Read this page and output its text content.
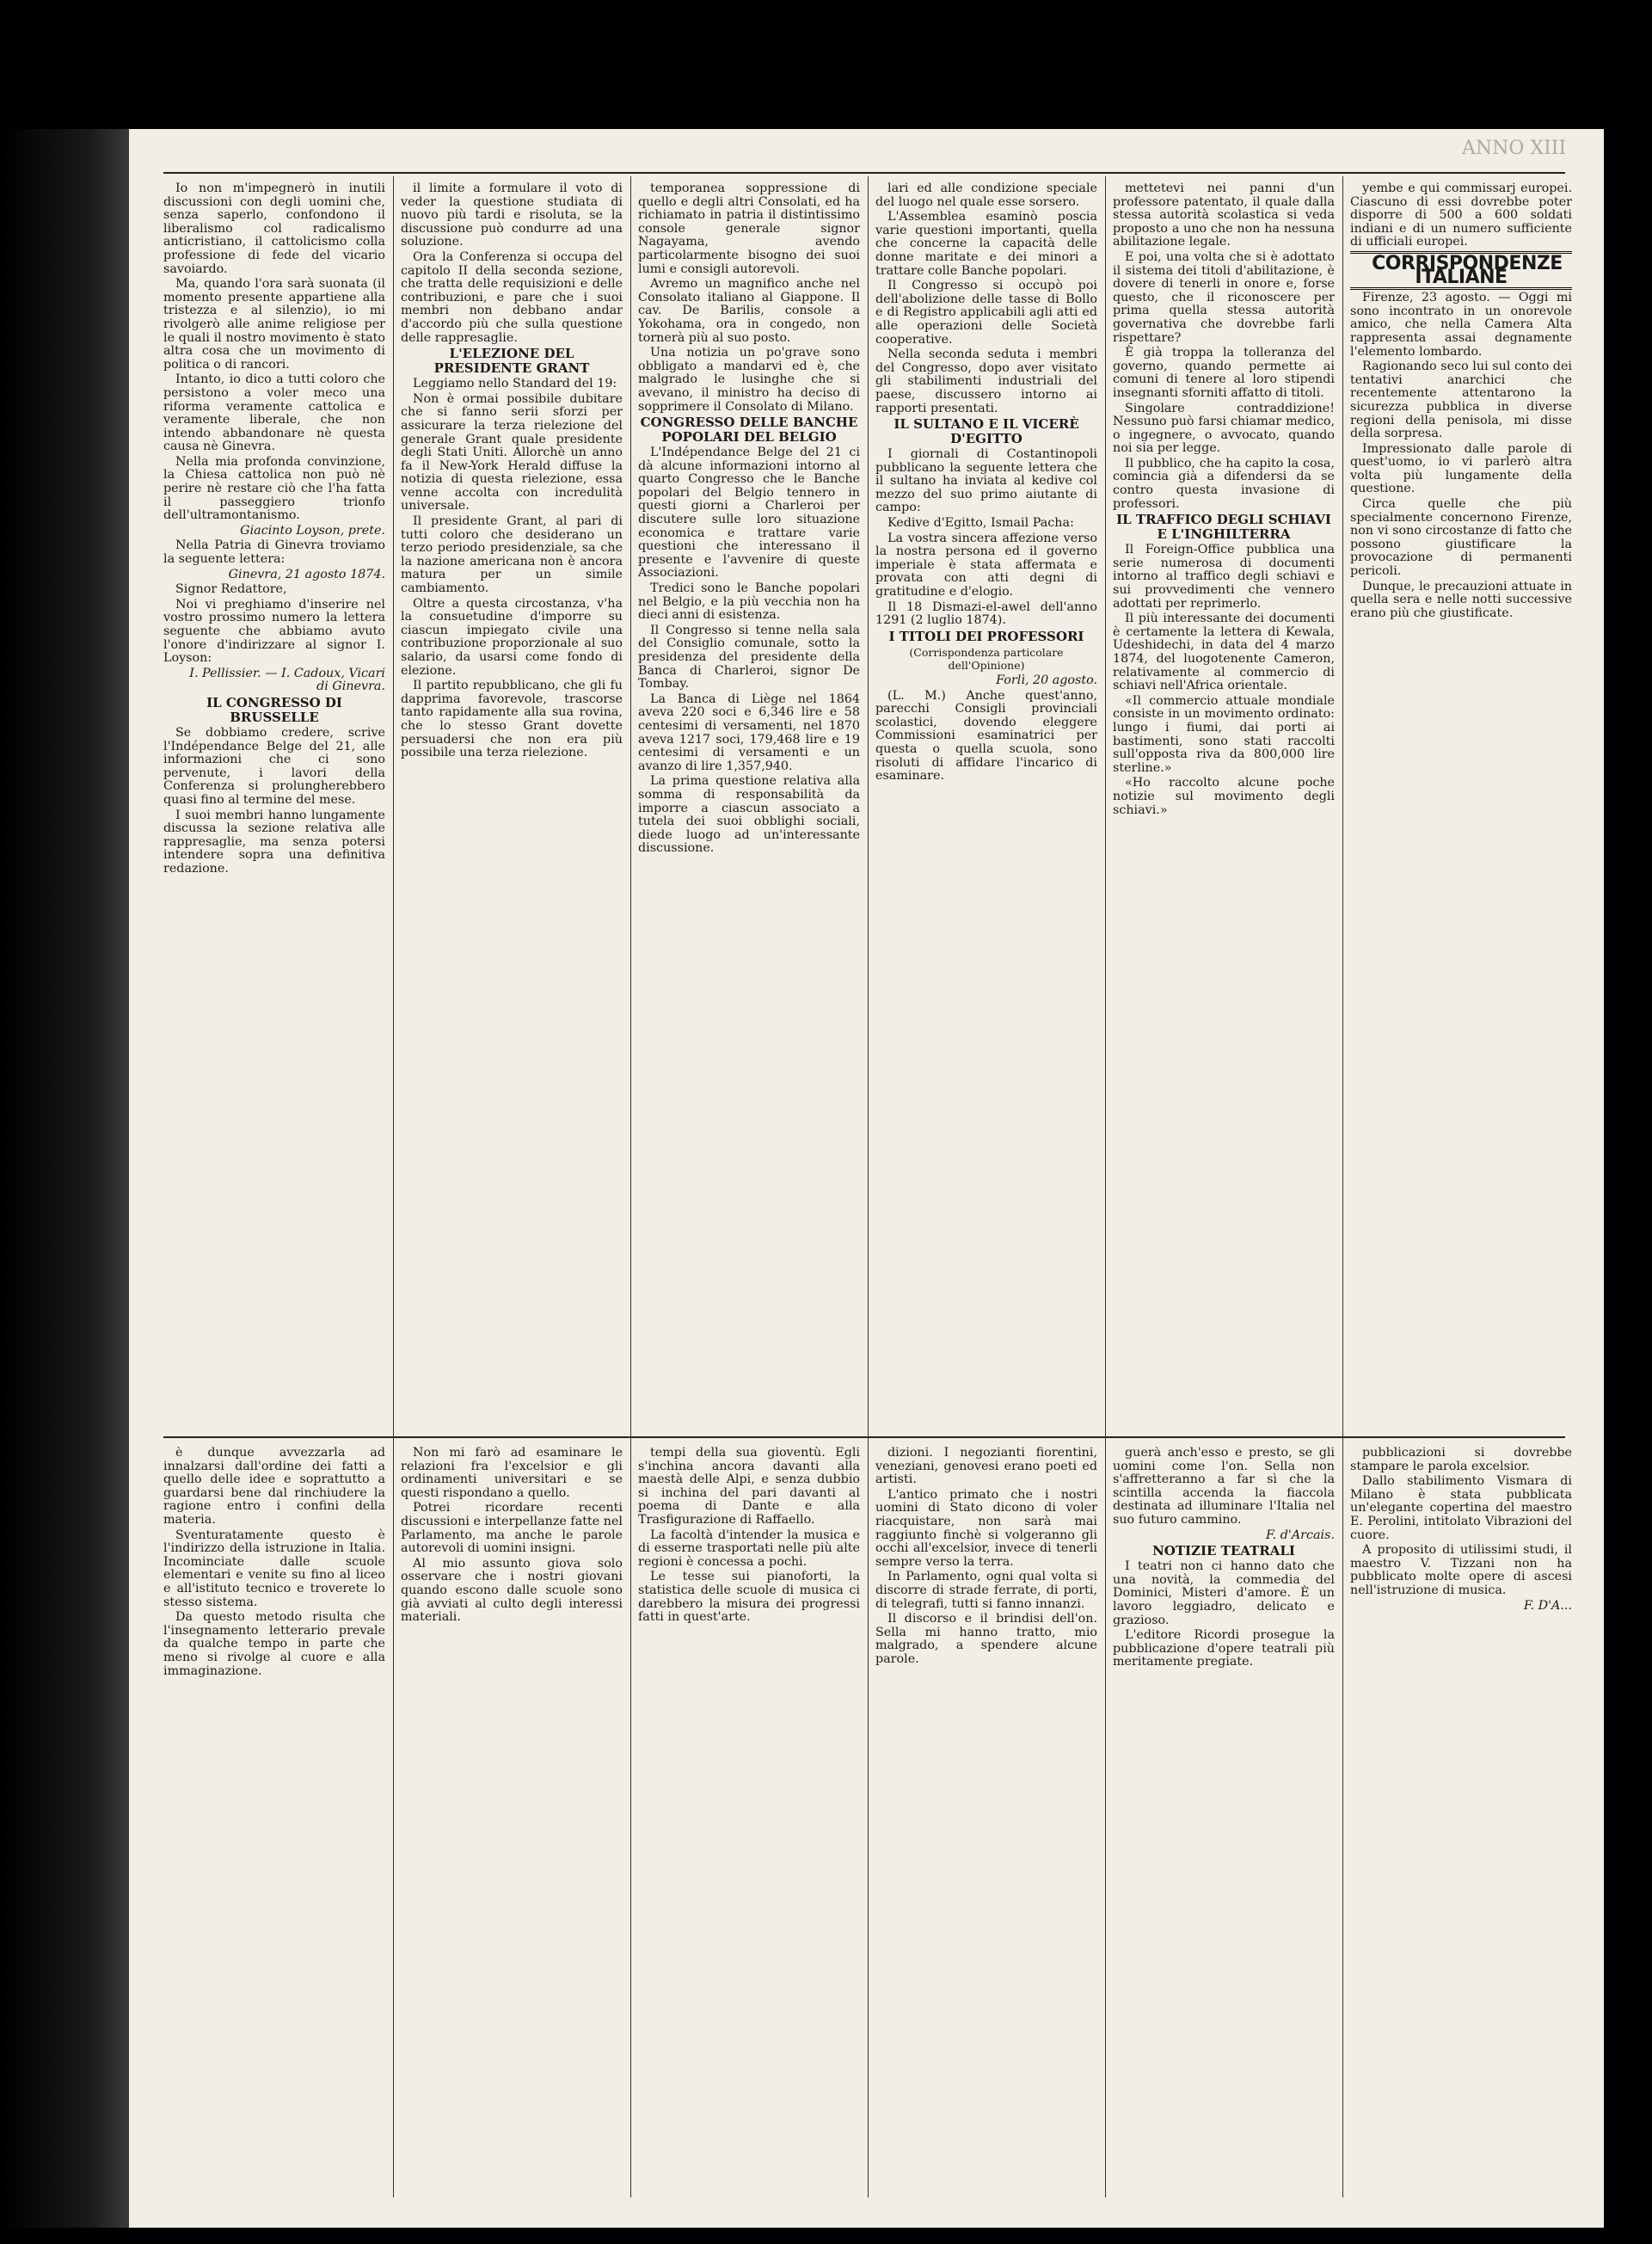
Io non m'impegnerò in inutili discussioni con degli uomini che, senza saperlo, confondono il liberalismo col radicalismo anticristiano, il cattolicismo colla professione di fede del vicario savoiardo.

Ma, quando l'ora sarà suonata (il momento presente appartiene alla tristezza e al silenzio), io mi rivolgerò alle anime religiose per le quali il nostro movimento è stato altra cosa che un movimento di politica o di rancori.

Intanto, io dico a tutti coloro che persistono a voler meco una riforma veramente cattolica e veramente liberale, che non intendo abbandonare nè questa causa nè Ginevra.

Nella mia profonda convinzione, la Chiesa cattolica non può nè perire nè restare ciò che l'ha fatta il passeggiero trionfo dell'ultramontanismo.

Giacinto Loyson, prete.

Nella Patria di Ginevra troviamo la seguente lettera:

Ginevra, 21 agosto 1874.

Signor Redattore,

Noi vi preghiamo d'inserire nel vostro prossimo numero la lettera seguente che abbiamo avuto l'onore d'indirizzare al signor I. Loyson:

I. Pellissier. — I. Cadoux, Vicari di Ginevra.

IL CONGRESSO DI BRUSSELLE

Se dobbiamo credere, scrive l'Indépendance Belge del 21, alle informazioni che ci sono pervenute, i lavori della Conferenza si prolungherebbero quasi fino al termine del mese.

I suoi membri hanno lungamente discussa la sezione relativa alle rappresaglie, ma senza potersi intendere sopra una definitiva redazione.

il limite a formulare il voto di veder la questione studiata di nuovo più tardi e risoluta, se la discussione può condurre ad una soluzione.

Ora la Conferenza si occupa del capitolo II della seconda sezione, che tratta delle requisizioni e delle contribuzioni, e pare che i suoi membri non debbano andar d'accordo più che sulla questione delle rappresaglie.

L'ELEZIONE DEL PRESIDENTE GRANT

Leggiamo nello Standard del 19:

Non è ormai possibile dubitare che si fanno serii sforzi per assicurare la terza rielezione del generale Grant quale presidente degli Stati Uniti. Allorchè un anno fa il New-York Herald diffuse la notizia di questa rielezione, essa venne accolta con incredulità universale.

Il presidente Grant, al pari di tutti coloro che desiderano un terzo periodo presidenziale, sa che la nazione americana non è ancora matura per un simile cambiamento.

Oltre a questa circostanza, v'ha la consuetudine d'imporre su ciascun impiegato civile una contribuzione proporzionale al suo salario, da usarsi come fondo di elezione.

Il partito repubblicano, che gli fu dapprima favorevole, trascorse tanto rapidamente alla sua rovina, che lo stesso Grant dovette persuadersi che non era più possibile una terza rielezione.

temporanea soppressione di quello e degli altri Consolati, ed ha richiamato in patria il distintissimo console generale signor Nagayama, avendo particolarmente bisogno dei suoi lumi e consigli autorevoli.

Avremo un magnifico anche nel Consolato italiano al Giappone. Il cav. De Barilis, console a Yokohama, ora in congedo, non tornerà più al suo posto.

Una notizia un po'grave sono obbligato a mandarvi ed è, che malgrado le lusinghe che si avevano, il ministro ha deciso di sopprimere il Consolato di Milano.

CONGRESSO DELLE BANCHE POPOLARI DEL BELGIO

L'Indépendance Belge del 21 ci dà alcune informazioni intorno al quarto Congresso che le Banche popolari del Belgio tennero in questi giorni a Charleroi per discutere sulle loro situazione economica e trattare varie questioni che interessano il presente e l'avvenire di queste Associazioni.

Tredici sono le Banche popolari nel Belgio, e la più vecchia non ha dieci anni di esistenza.

Il Congresso si tenne nella sala del Consiglio comunale, sotto la presidenza del presidente della Banca di Charleroi, signor De Tombay.

La Banca di Liège nel 1864 aveva 220 soci e 6,346 lire e 58 centesimi di versamenti, nel 1870 aveva 1217 soci, 179,468 lire e 19 centesimi di versamenti e un avanzo di lire 1,357,940.

La prima questione relativa alla somma di responsabilità da imporre a ciascun associato a tutela dei suoi obblighi sociali, diede luogo ad un'interessante discussione.

lari ed alle condizione speciale del luogo nel quale esse sorsero.

L'Assemblea esaminò poscia varie questioni importanti, quella che concerne la capacità delle donne maritate e dei minori a trattare colle Banche popolari.

Il Congresso si occupò poi dell'abolizione delle tasse di Bollo e di Registro applicabili agli atti ed alle operazioni delle Società cooperative.

Nella seconda seduta i membri del Congresso, dopo aver visitato gli stabilimenti industriali del paese, discussero intorno ai rapporti presentati.

IL SULTANO E IL VICERÈ D'EGITTO

I giornali di Costantinopoli pubblicano la seguente lettera che il sultano ha inviata al kedive col mezzo del suo primo aiutante di campo:

Kedive d'Egitto, Ismail Pacha:

La vostra sincera affezione verso la nostra persona ed il governo imperiale è stata affermata e provata con atti degni di gratitudine e d'elogio.

Il 18 Dismazi-el-awel dell'anno 1291 (2 luglio 1874).

I TITOLI DEI PROFESSORI

(Corrispondenza particolare dell'Opinione)

Forlì, 20 agosto.

(L. M.) Anche quest'anno, parecchi Consigli provinciali scolastici, dovendo eleggere Commissioni esaminatrici per questa o quella scuola, sono risoluti di affidare l'incarico di esaminare.

mettetevi nei panni d'un professore patentato, il quale dalla stessa autorità scolastica si veda proposto a uno che non ha nessuna abilitazione legale.

E poi, una volta che si è adottato il sistema dei titoli d'abilitazione, è dovere di tenerli in onore e, forse questo, che il riconoscere per prima quella stessa autorità governativa che dovrebbe farli rispettare?

È già troppa la tolleranza del governo, quando permette ai comuni di tenere al loro stipendi insegnanti sforniti affatto di titoli.

Singolare contraddizione! Nessuno può farsi chiamar medico, o ingegnere, o avvocato, quando noi sia per legge.

Il pubblico, che ha capito la cosa, comincia già a difendersi da se contro questa invasione di professori.

IL TRAFFICO DEGLI SCHIAVI E L'INGHILTERRA

Il Foreign-Office pubblica una serie numerosa di documenti intorno al traffico degli schiavi e sui provvedimenti che vennero adottati per reprimerlo.

Il più interessante dei documenti è certamente la lettera di Kewala, Udeshidechi, in data del 4 marzo 1874, del luogotenente Cameron, relativamente al commercio di schiavi nell'Africa orientale.

«Il commercio attuale mondiale consiste in un movimento ordinato: lungo i fiumi, dai porti ai bastimenti, sono stati raccolti sull'opposta riva da 800,000 lire sterline.»

«Ho raccolto alcune poche notizie sul movimento degli schiavi.»

yembe e qui commissarj europei. Ciascuno di essi dovrebbe poter disporre di 500 a 600 soldati indiani e di un numero sufficiente di ufficiali europei.

CORRISPONDENZE ITALIANE

Firenze, 23 agosto. — Oggi mi sono incontrato in un onorevole amico, che nella Camera Alta rappresenta assai degnamente l'elemento lombardo.

Ragionando seco lui sul conto dei tentativi anarchici che recentemente attentarono la sicurezza pubblica in diverse regioni della penisola, mi disse della sorpresa.

Impressionato dalle parole di quest'uomo, io vi parlerò altra volta più lungamente della questione.

Circa quelle che più specialmente concernono Firenze, non vi sono circostanze di fatto che possono giustificare la provocazione di permanenti pericoli.

Dunque, le precauzioni attuate in quella sera e nelle notti successive erano più che giustificate.

è dunque avvezzarla ad innalzarsi dall'ordine dei fatti a quello delle idee e soprattutto a guardarsi bene dal rinchiudere la ragione entro i confini della materia.

Sventuratamente questo è l'indirizzo della istruzione in Italia. Incominciate dalle scuole elementari e venite su fino al liceo e all'istituto tecnico e troverete lo stesso sistema.

Da questo metodo risulta che l'insegnamento letterario prevale da qualche tempo in parte che meno si rivolge al cuore e alla immaginazione.

Non mi farò ad esaminare le relazioni fra l'excelsior e gli ordinamenti universitari e se questi rispondano a quello.

Potrei ricordare recenti discussioni e interpellanze fatte nel Parlamento, ma anche le parole autorevoli di uomini insigni.

Al mio assunto giova solo osservare che i nostri giovani quando escono dalle scuole sono già avviati al culto degli interessi materiali.

tempi della sua gioventù. Egli s'inchina ancora davanti alla maestà delle Alpi, e senza dubbio si inchina del pari davanti al poema di Dante e alla Trasfigurazione di Raffaello.

La facoltà d'intender la musica e di esserne trasportati nelle più alte regioni è concessa a pochi.

Le tesse sui pianoforti, la statistica delle scuole di musica ci darebbero la misura dei progressi fatti in quest'arte.

dizioni. I negozianti fiorentini, veneziani, genovesi erano poeti ed artisti.

L'antico primato che i nostri uomini di Stato dicono di voler riacquistare, non sarà mai raggiunto finchè si volgeranno gli occhi all'excelsior, invece di tenerli sempre verso la terra.

In Parlamento, ogni qual volta si discorre di strade ferrate, di porti, di telegrafi, tutti si fanno innanzi.

Il discorso e il brindisi dell'on. Sella mi hanno tratto, mio malgrado, a spendere alcune parole.

guerà anch'esso e presto, se gli uomini come l'on. Sella non s'affretteranno a far sì che la scintilla accenda la fiaccola destinata ad illuminare l'Italia nel suo futuro cammino.

F. d'Arcais.

NOTIZIE TEATRALI

I teatri non ci hanno dato che una novità, la commedia del Dominici, Misteri d'amore. È un lavoro leggiadro, delicato e grazioso.

L'editore Ricordi prosegue la pubblicazione d'opere teatrali più meritamente pregiate.

pubblicazioni si dovrebbe stampare le parola excelsior.

Dallo stabilimento Vismara di Milano è stata pubblicata un'elegante copertina del maestro E. Perolini, intitolato Vibrazioni del cuore.

A proposito di utilissimi studi, il maestro V. Tizzani non ha pubblicato molte opere di ascesi nell'istruzione di musica.

F. D'A...

ANNO XIII
